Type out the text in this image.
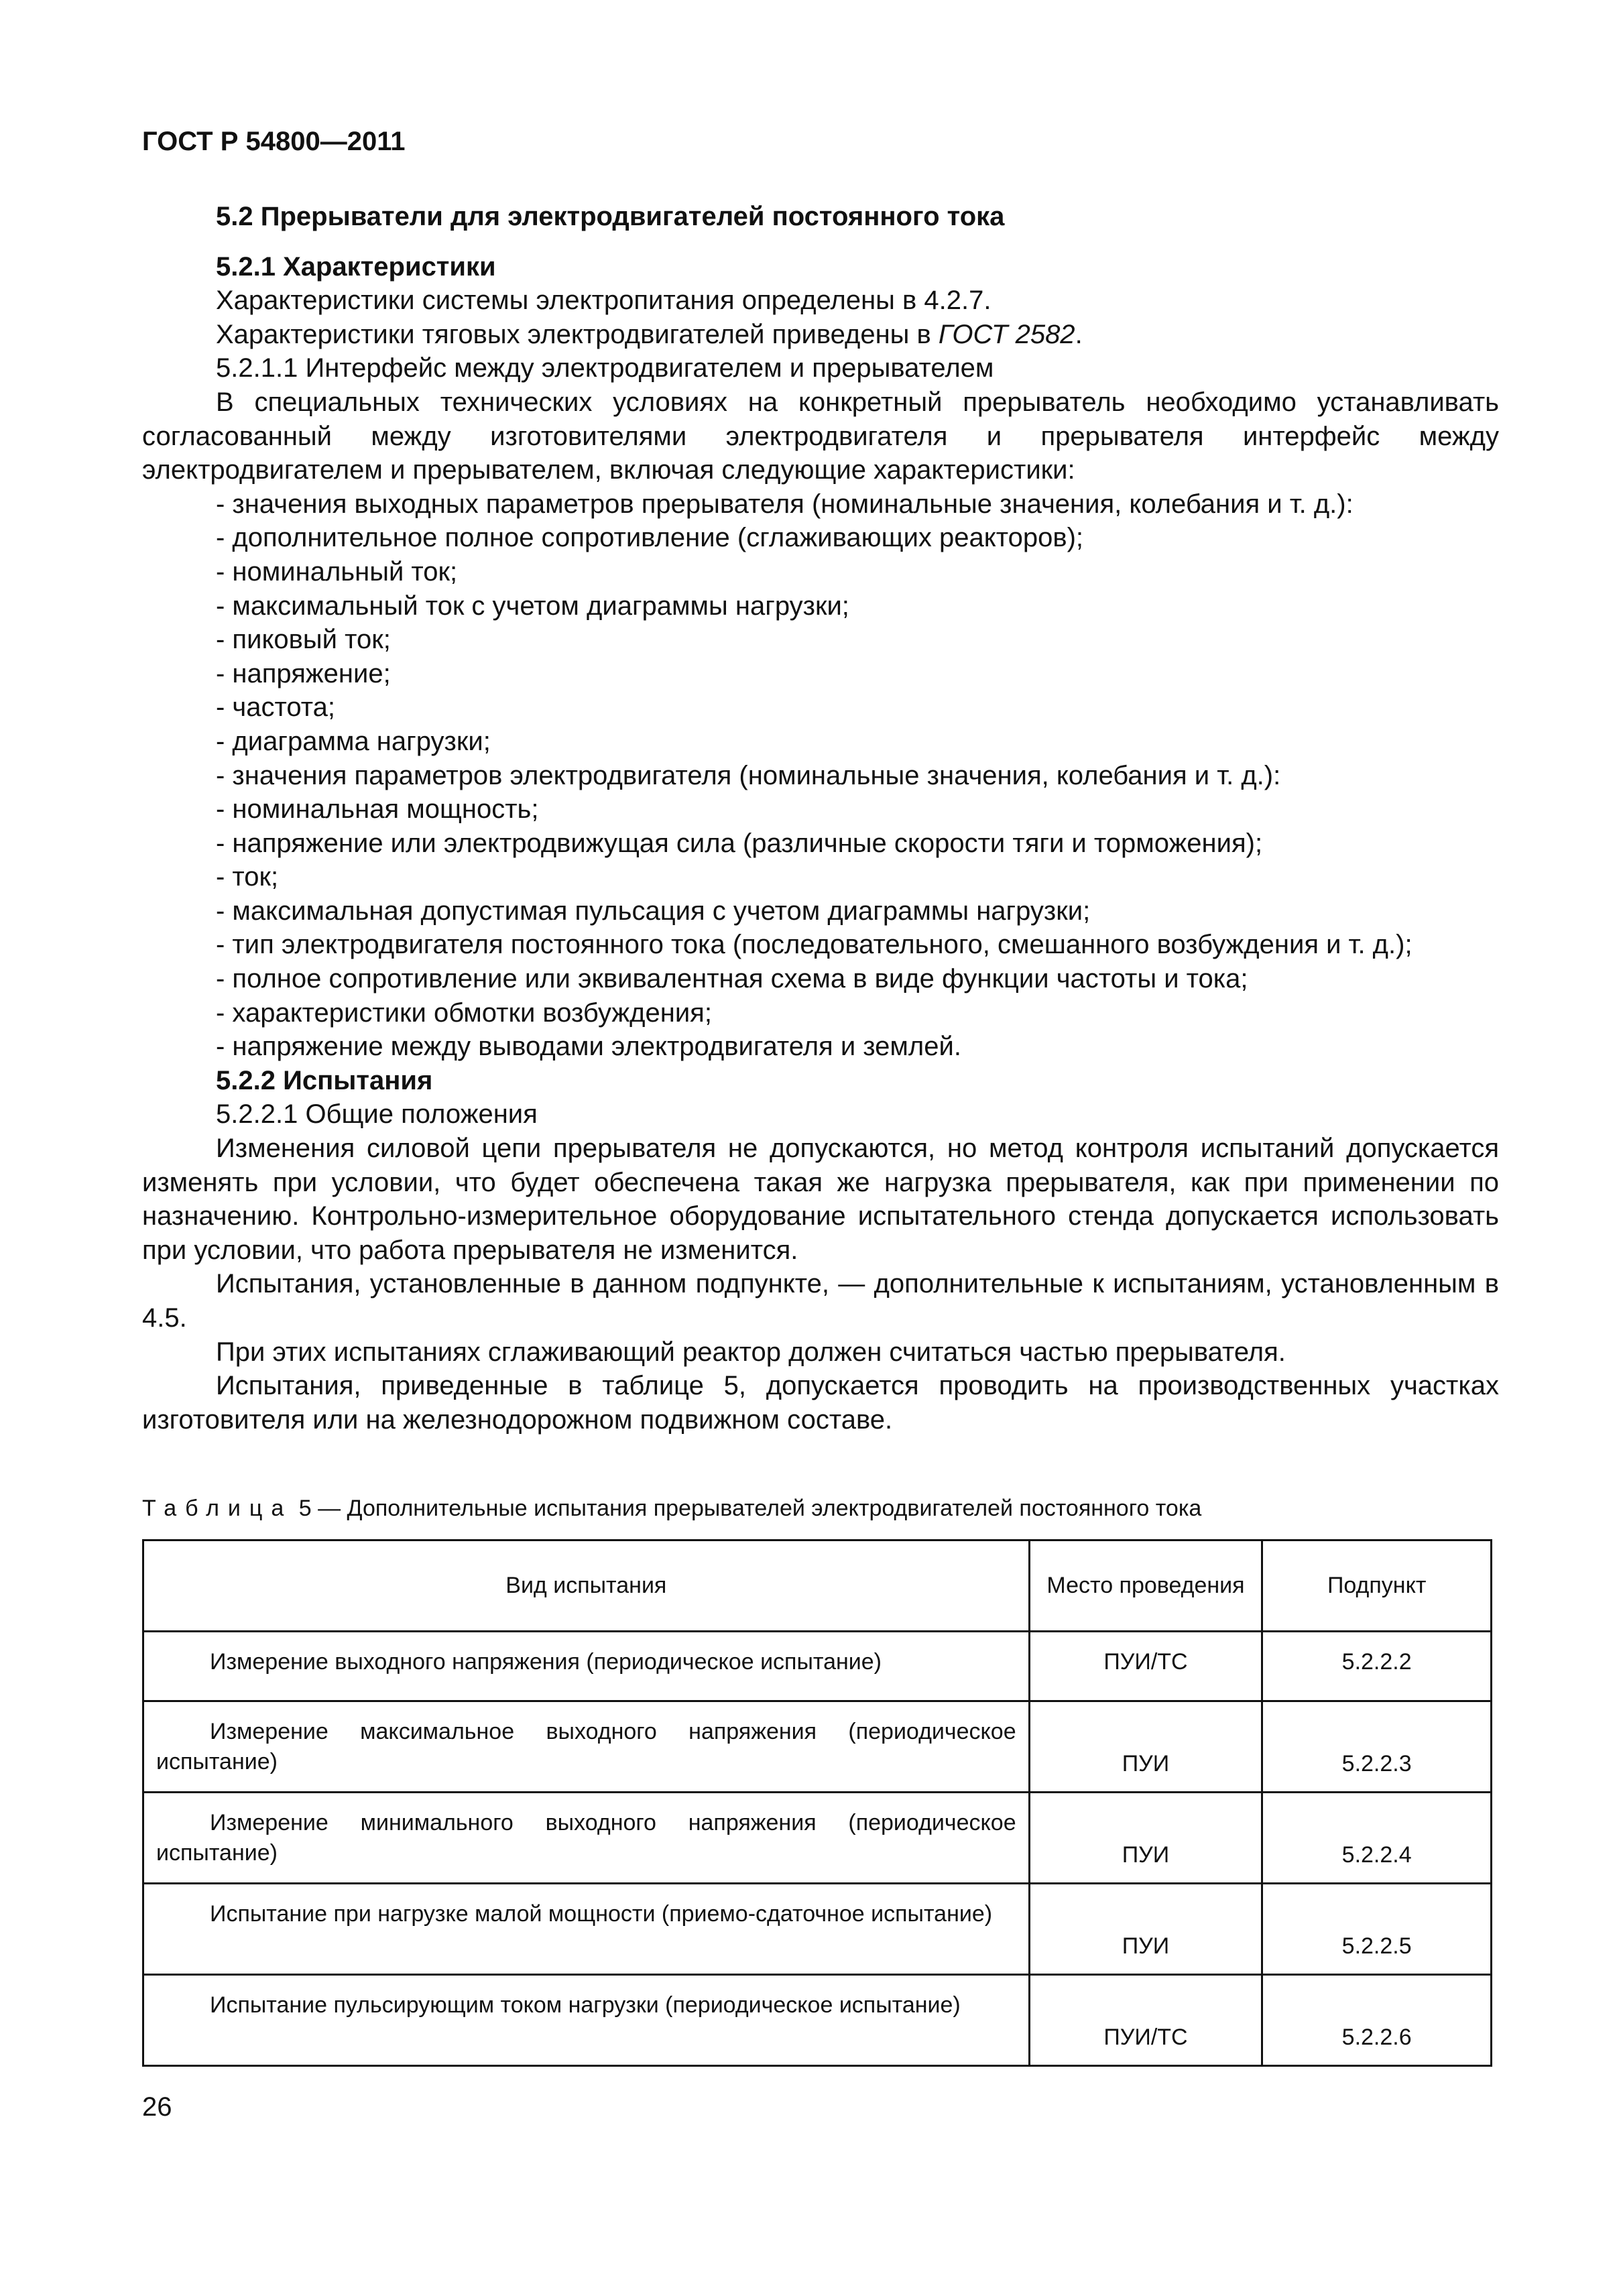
ГОСТ Р 54800—2011

5.2 Прерыватели для электродвигателей постоянного тока

5.2.1 Характеристики

Характеристики системы электропитания определены в 4.2.7.

Характеристики тяговых электродвигателей приведены в ГОСТ 2582.

5.2.1.1 Интерфейс между электродвигателем и прерывателем

В специальных технических условиях на конкретный прерыватель необходимо устанавливать согласованный между изготовителями электродвигателя и прерывателя интерфейс между электродвигателем и прерывателем, включая следующие характеристики:

- значения выходных параметров прерывателя (номинальные значения, колебания и т. д.):

- дополнительное полное сопротивление (сглаживающих реакторов);

- номинальный ток;

- максимальный ток с учетом диаграммы нагрузки;

- пиковый ток;

- напряжение;

- частота;

- диаграмма нагрузки;

- значения параметров электродвигателя (номинальные значения, колебания и т. д.):

- номинальная мощность;

- напряжение или электродвижущая сила (различные скорости тяги и торможения);

- ток;

- максимальная допустимая пульсация с учетом диаграммы нагрузки;

- тип электродвигателя постоянного тока (последовательного, смешанного возбуждения и т. д.);

- полное сопротивление или эквивалентная схема в виде функции частоты и тока;

- характеристики обмотки возбуждения;

- напряжение между выводами электродвигателя и землей.

5.2.2 Испытания

5.2.2.1 Общие положения

Изменения силовой цепи прерывателя не допускаются, но метод контроля испытаний допускается изменять при условии, что будет обеспечена такая же нагрузка прерывателя, как при применении по назначению. Контрольно-измерительное оборудование испытательного стенда допускается использовать при условии, что работа прерывателя не изменится.

Испытания, установленные в данном подпункте, — дополнительные к испытаниям, установленным в 4.5.

При этих испытаниях сглаживающий реактор должен считаться частью прерывателя.

Испытания, приведенные в таблице 5, допускается проводить на производственных участках изготовителя или на железнодорожном подвижном составе.

Таблица 5 — Дополнительные испытания прерывателей электродвигателей постоянного тока
Вид испытания	Место проведения	Подпункт
Измерение выходного напряжения (периодическое испытание)	ПУИ/ТС	5.2.2.2
Измерение максимальное выходного напряжения (периодическое испытание)	ПУИ	5.2.2.3
Измерение минимального выходного напряжения (периодическое испытание)	ПУИ	5.2.2.4
Испытание при нагрузке малой мощности (приемо-сдаточное испытание)	ПУИ	5.2.2.5
Испытание пульсирующим током нагрузки (периодическое испытание)	ПУИ/ТС	5.2.2.6
26
